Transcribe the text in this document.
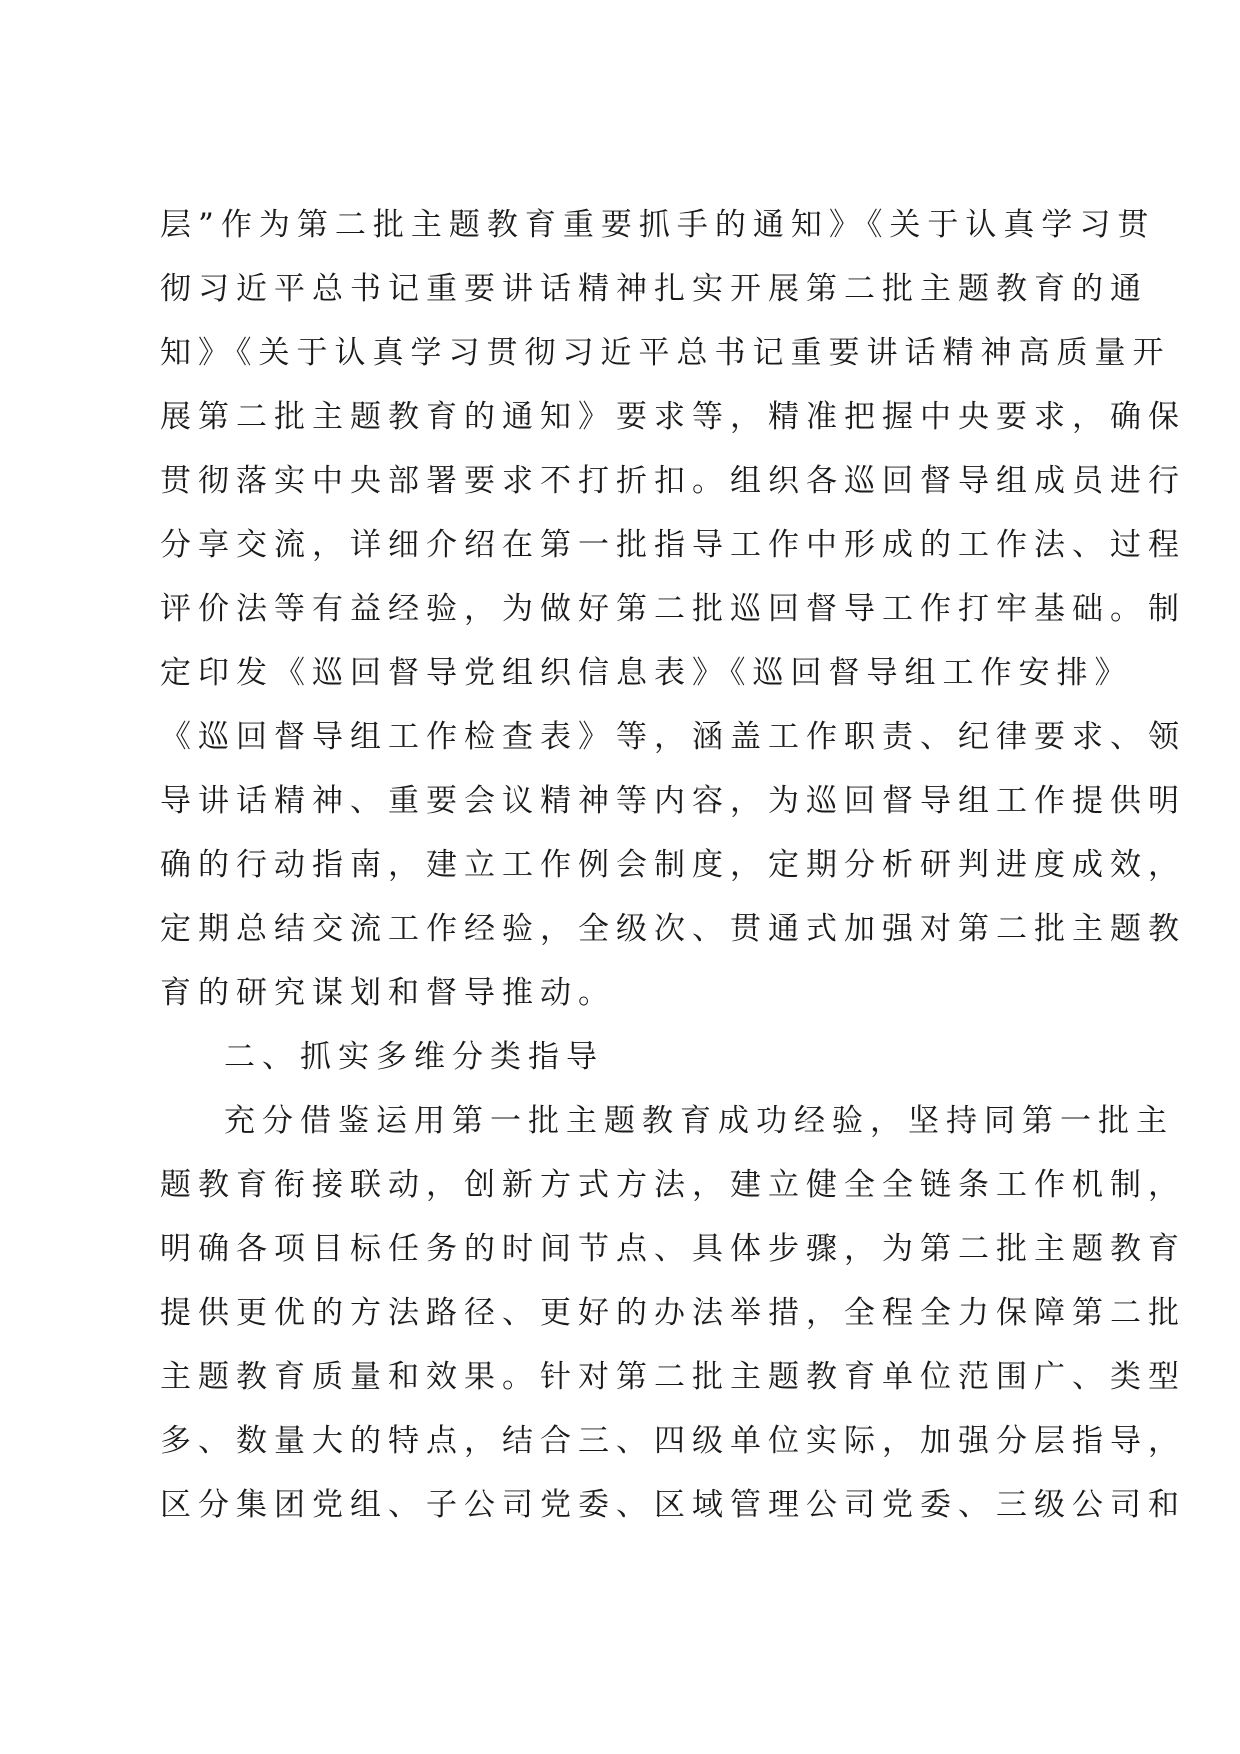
层”作为第二批主题教育重要抓手的通知》《关于认真学习贯

彻习近平总书记重要讲话精神扎实开展第二批主题教育的通

知》《关于认真学习贯彻习近平总书记重要讲话精神高质量开

展第二批主题教育的通知》要求等，精准把握中央要求，确保

贯彻落实中央部署要求不打折扣。组织各巡回督导组成员进行

分享交流，详细介绍在第一批指导工作中形成的工作法、过程

评价法等有益经验，为做好第二批巡回督导工作打牢基础。制

定印发《巡回督导党组织信息表》《巡回督导组工作安排》

《巡回督导组工作检查表》等，涵盖工作职责、纪律要求、领

导讲话精神、重要会议精神等内容，为巡回督导组工作提供明

确的行动指南，建立工作例会制度，定期分析研判进度成效，

定期总结交流工作经验，全级次、贯通式加强对第二批主题教

育的研究谋划和督导推动。

二、抓实多维分类指导

充分借鉴运用第一批主题教育成功经验，坚持同第一批主

题教育衔接联动，创新方式方法，建立健全全链条工作机制，

明确各项目标任务的时间节点、具体步骤，为第二批主题教育

提供更优的方法路径、更好的办法举措，全程全力保障第二批

主题教育质量和效果。针对第二批主题教育单位范围广、类型

多、数量大的特点，结合三、四级单位实际，加强分层指导，

区分集团党组、子公司党委、区域管理公司党委、三级公司和
